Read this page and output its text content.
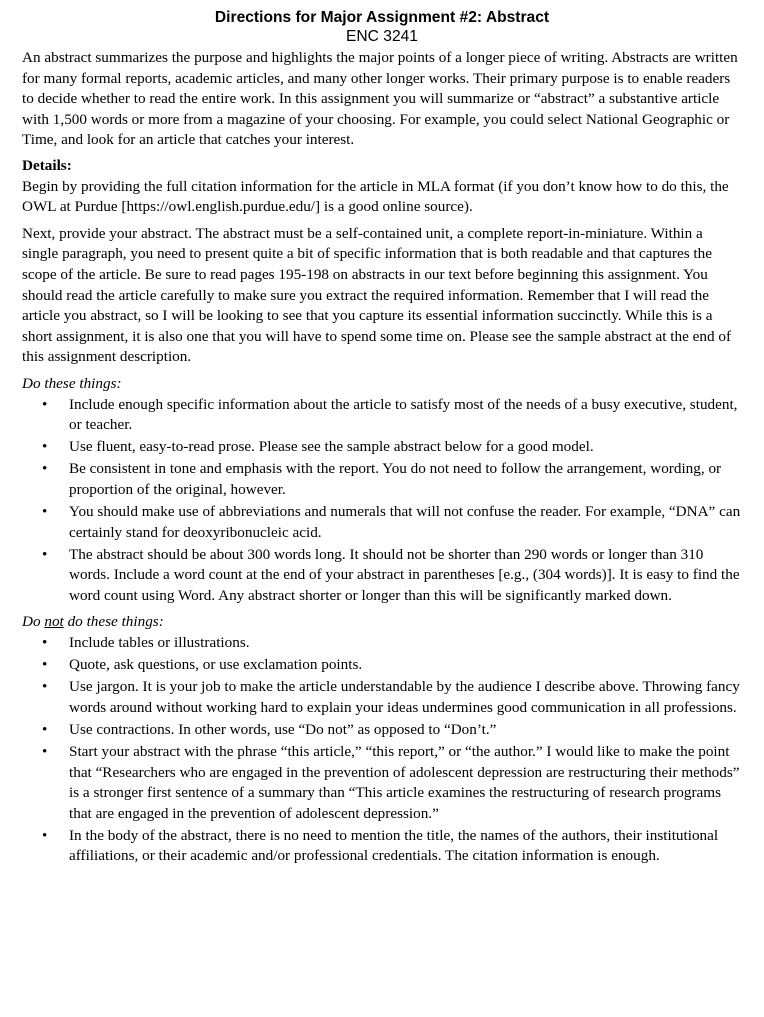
Directions for Major Assignment #2: Abstract
ENC 3241

An abstract summarizes the purpose and highlights the major points of a longer piece of writing. Abstracts are written for many formal reports, academic articles, and many other longer works. Their primary purpose is to enable readers to decide whether to read the entire work. In this assignment you will summarize or “abstract” a substantive article with 1,500 words or more from a magazine of your choosing. For example, you could select National Geographic or Time, and look for an article that catches your interest.

Details:

Begin by providing the full citation information for the article in MLA format (if you don’t know how to do this, the OWL at Purdue [https://owl.english.purdue.edu/] is a good online source).

Next, provide your abstract. The abstract must be a self-contained unit, a complete report-in-miniature. Within a single paragraph, you need to present quite a bit of specific information that is both readable and that captures the scope of the article. Be sure to read pages 195-198 on abstracts in our text before beginning this assignment. You should read the article carefully to make sure you extract the required information. Remember that I will read the article you abstract, so I will be looking to see that you capture its essential information succinctly. While this is a short assignment, it is also one that you will have to spend some time on. Please see the sample abstract at the end of this assignment description.

Do these things:

• Include enough specific information about the article to satisfy most of the needs of a busy executive, student, or teacher.
• Use fluent, easy-to-read prose. Please see the sample abstract below for a good model.
• Be consistent in tone and emphasis with the report. You do not need to follow the arrangement, wording, or proportion of the original, however.
• You should make use of abbreviations and numerals that will not confuse the reader. For example, “DNA” can certainly stand for deoxyribonucleic acid.
• The abstract should be about 300 words long. It should not be shorter than 290 words or longer than 310 words. Include a word count at the end of your abstract in parentheses [e.g., (304 words)]. It is easy to find the word count using Word. Any abstract shorter or longer than this will be significantly marked down.

Do not do these things:

• Include tables or illustrations.
• Quote, ask questions, or use exclamation points.
• Use jargon. It is your job to make the article understandable by the audience I describe above. Throwing fancy words around without working hard to explain your ideas undermines good communication in all professions.
• Use contractions. In other words, use “Do not” as opposed to “Don’t.”
• Start your abstract with the phrase “this article,” “this report,” or “the author.” I would like to make the point that “Researchers who are engaged in the prevention of adolescent depression are restructuring their methods” is a stronger first sentence of a summary than “This article examines the restructuring of research programs that are engaged in the prevention of adolescent depression.”
• In the body of the abstract, there is no need to mention the title, the names of the authors, their institutional affiliations, or their academic and/or professional credentials. The citation information is enough.
